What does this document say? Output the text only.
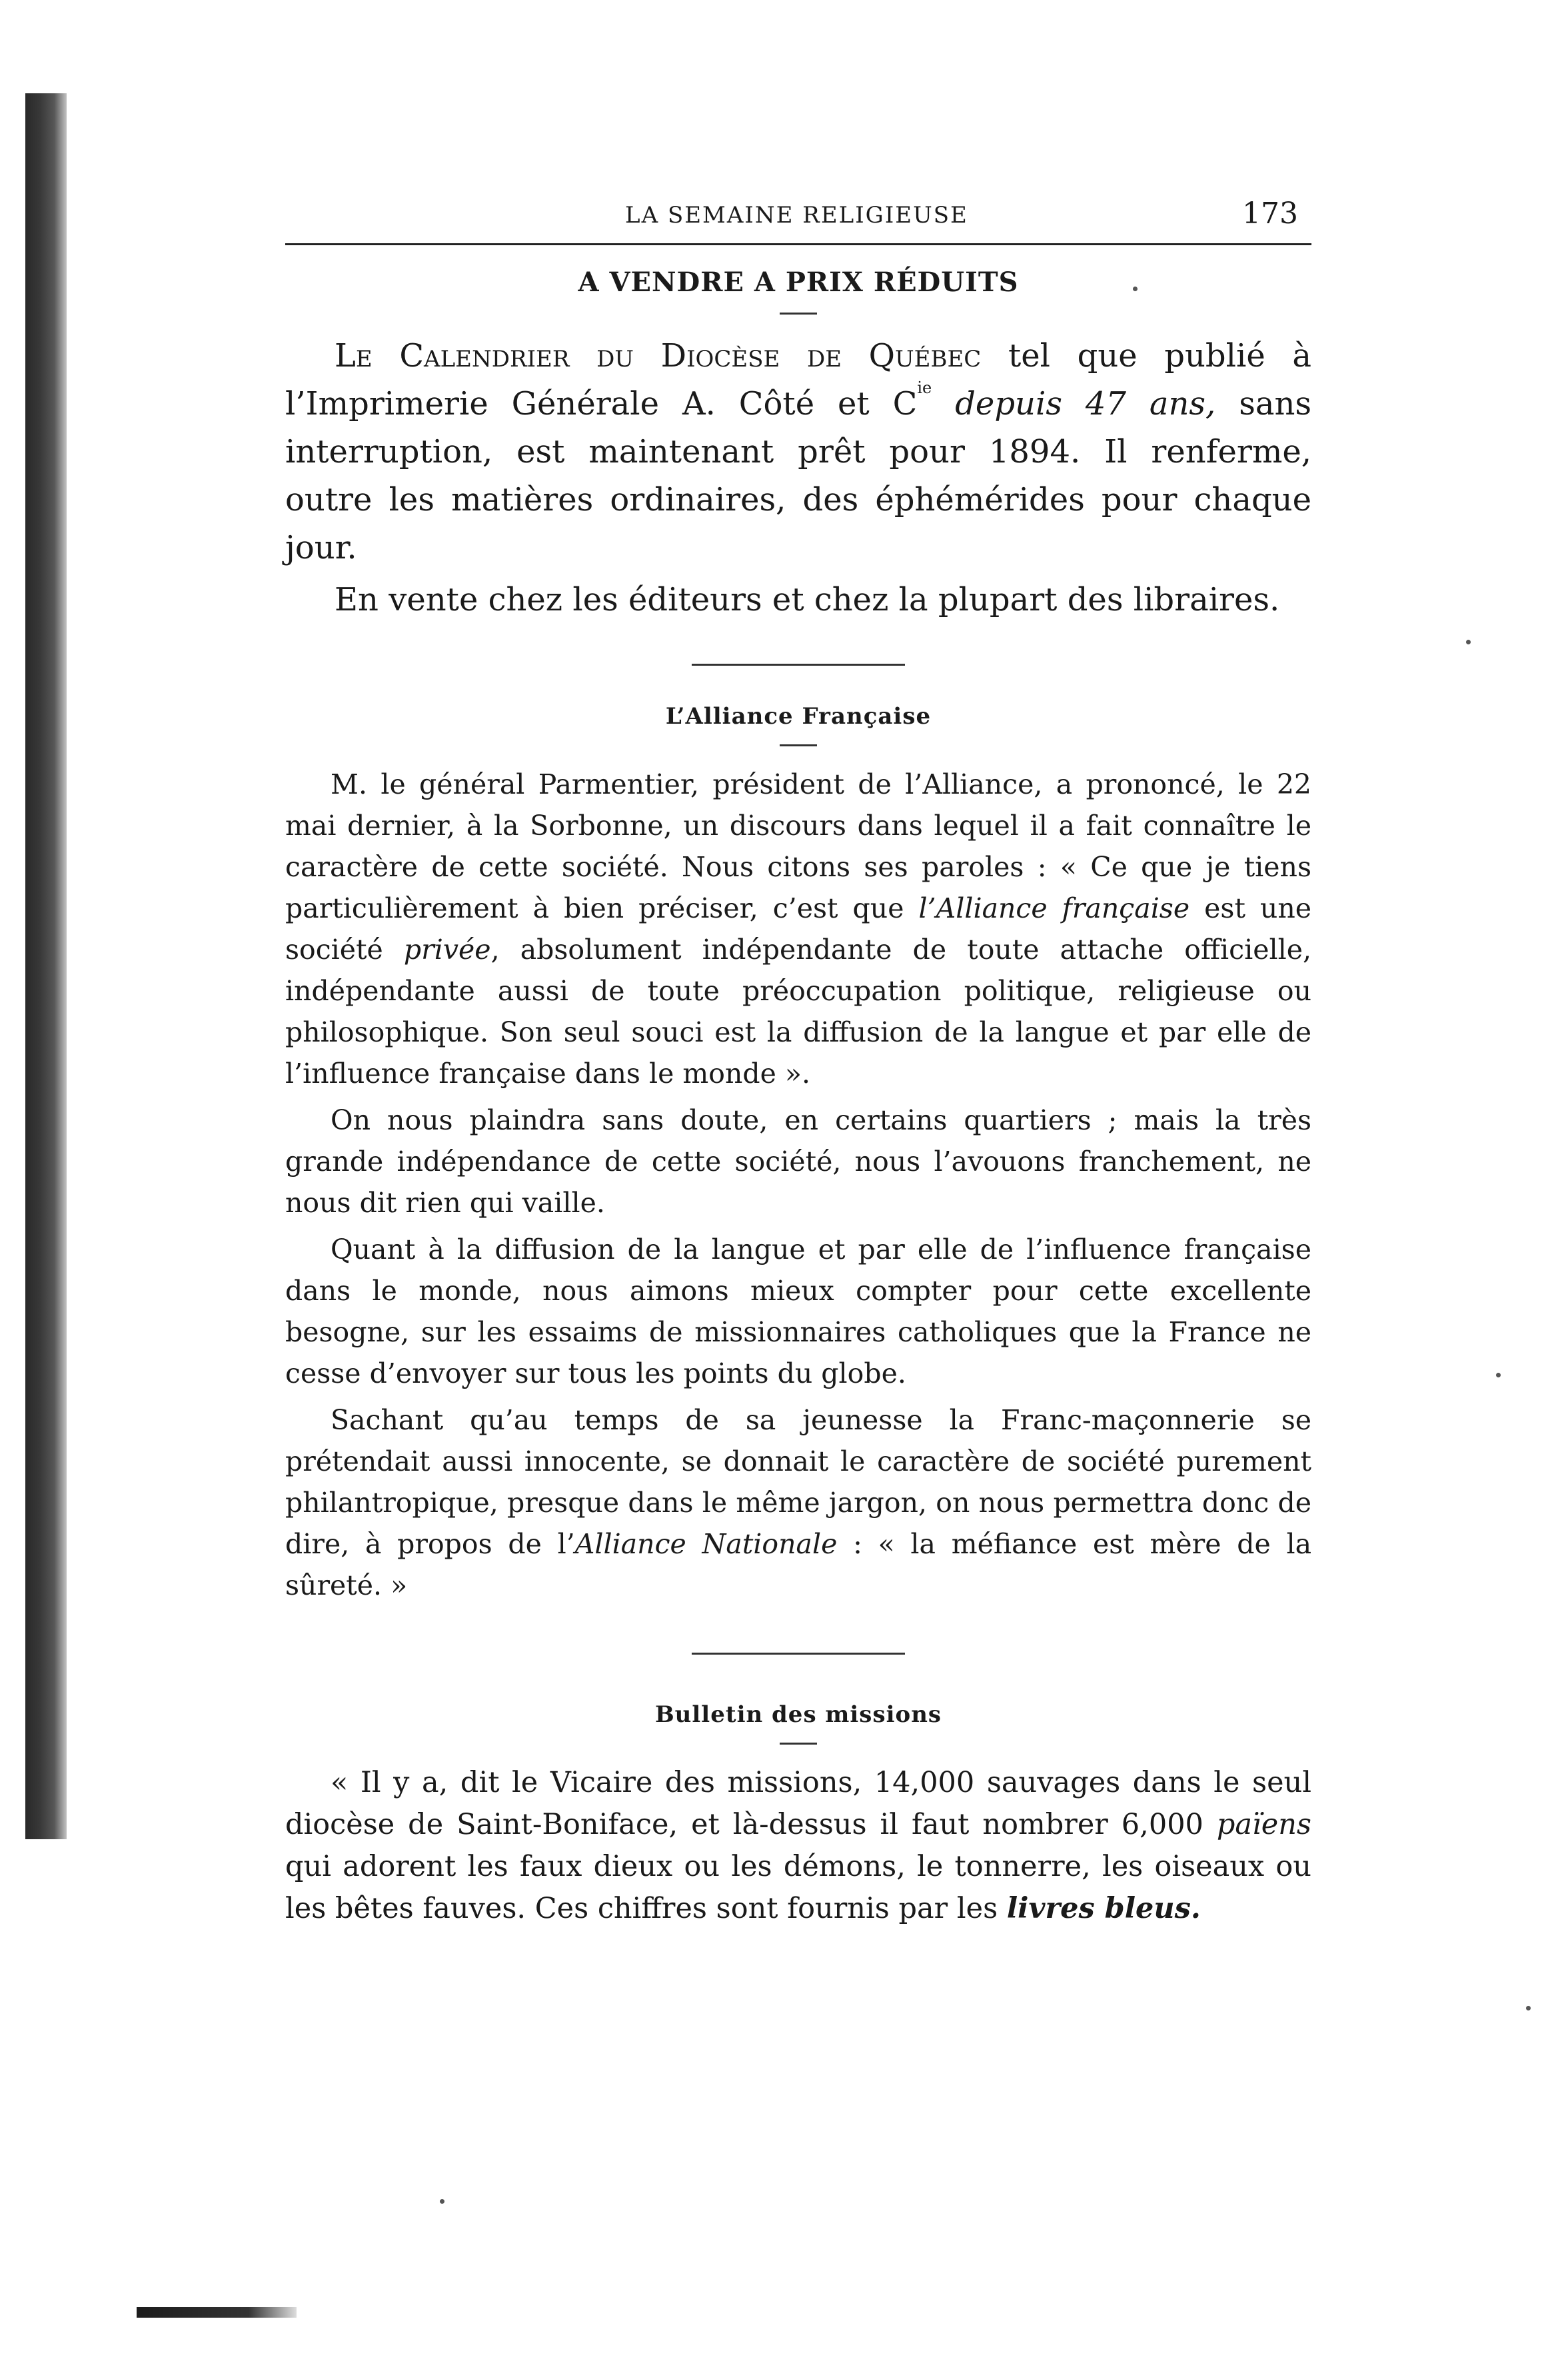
LA SEMAINE RELIGIEUSE	173
A VENDRE A PRIX RÉDUITS

Le Calendrier du Diocèse de Québec tel que publié à l’Imprimerie Générale A. Côté et $C^{ie}$ depuis 47 ans, sans interruption, est maintenant prêt pour 1894. Il renferme, outre les matières ordinaires, des éphémérides pour chaque jour.

En vente chez les éditeurs et chez la plupart des libraires.

L’Alliance Française

M. le général Parmentier, président de l’Alliance, a prononcé, le 22 mai dernier, à la Sorbonne, un discours dans lequel il a fait connaître le caractère de cette société. Nous citons ses paroles : « Ce que je tiens particulièrement à bien préciser, c’est que l’Alliance française est une société privée, absolument indépendante de toute attache officielle, indépendante aussi de toute préoccupation politique, religieuse ou philosophique. Son seul souci est la diffusion de la langue et par elle de l’influence française dans le monde ».

On nous plaindra sans doute, en certains quartiers ; mais la très grande indépendance de cette société, nous l’avouons franchement, ne nous dit rien qui vaille.

Quant à la diffusion de la langue et par elle de l’influence française dans le monde, nous aimons mieux compter pour cette excellente besogne, sur les essaims de missionnaires catholiques que la France ne cesse d’envoyer sur tous les points du globe.

Sachant qu’au temps de sa jeunesse la Franc-maçonnerie se prétendait aussi innocente, se donnait le caractère de société purement philantropique, presque dans le même jargon, on nous permettra donc de dire, à propos de l’Alliance Nationale : « la méfiance est mère de la sûreté. »

Bulletin des missions

« Il y a, dit le Vicaire des missions, 14,000 sauvages dans le seul diocèse de Saint-Boniface, et là-dessus il faut nombrer 6,000 païens qui adorent les faux dieux ou les démons, le tonnerre, les oiseaux ou les bêtes fauves. Ces chiffres sont fournis par les livres bleus.
